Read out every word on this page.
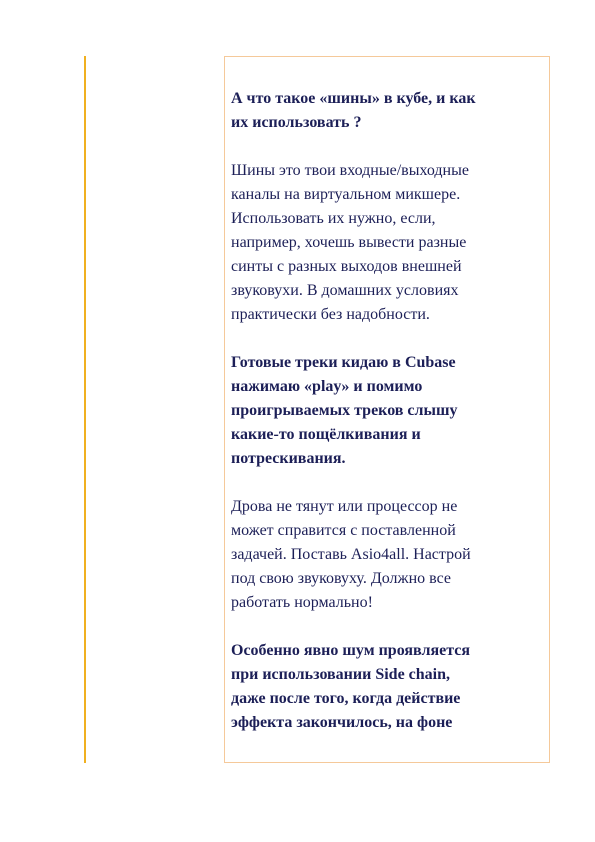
А что такое «шины» в кубе, и как
их использовать ?

Шины это твои входные/выходные
каналы на виртуальном микшере.
Использовать их нужно, если,
например, хочешь вывести разные
синты с разных выходов внешней
звуковухи. В домашних условиях
практически без надобности.

Готовые треки кидаю в Cubase
нажимаю «play» и помимо
проигрываемых треков слышу
какие-то пощёлкивания и
потрескивания.

Дрова не тянут или процессор не
может справится с поставленной
задачей. Поставь Asio4all. Настрой
под свою звуковуху. Должно все
работать нормально!

Особенно явно шум проявляется
при использовании Side chain,
даже после того, когда действие
эффекта закончилось, на фоне
